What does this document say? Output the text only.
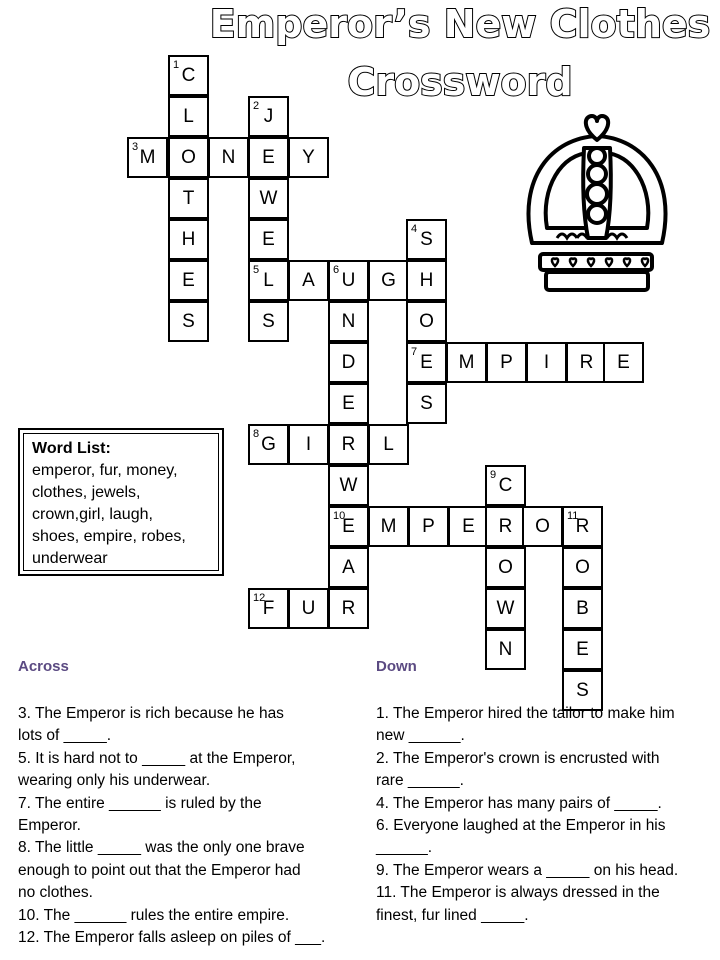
Emperor’s New Clothes
Crossword
C
1
L
O
T
H
E
S
J
2
E
W
E
L
5
S
M
3	N	Y
A U
6 G H
S
4
O
E
7
S
N
D
E
R
W
E
10
A
R
M P I R E
G
8 I	L
M P E R O R
11
C
9
O
W
N
O
B
E
S
F
12 U
Word List:
emperor, fur, money,
clothes, jewels,
crown,girl, laugh,
shoes, empire, robes,
underwear
Across	Down
3. The Emperor is rich because he has
lots of _____.
5. It is hard not to _____ at the Emperor,
wearing only his underwear.
7. The entire ______ is ruled by the
Emperor.
8. The little _____ was the only one brave
enough to point out that the Emperor had
no clothes.
10. The ______ rules the entire empire.
12. The Emperor falls asleep on piles of ___.
1. The Emperor hired the tailor to make him
new ______.
2. The Emperor's crown is encrusted with
rare ______.
4. The Emperor has many pairs of _____.
6. Everyone laughed at the Emperor in his
______.
9. The Emperor wears a _____ on his head.
11. The Emperor is always dressed in the
finest, fur lined _____.
